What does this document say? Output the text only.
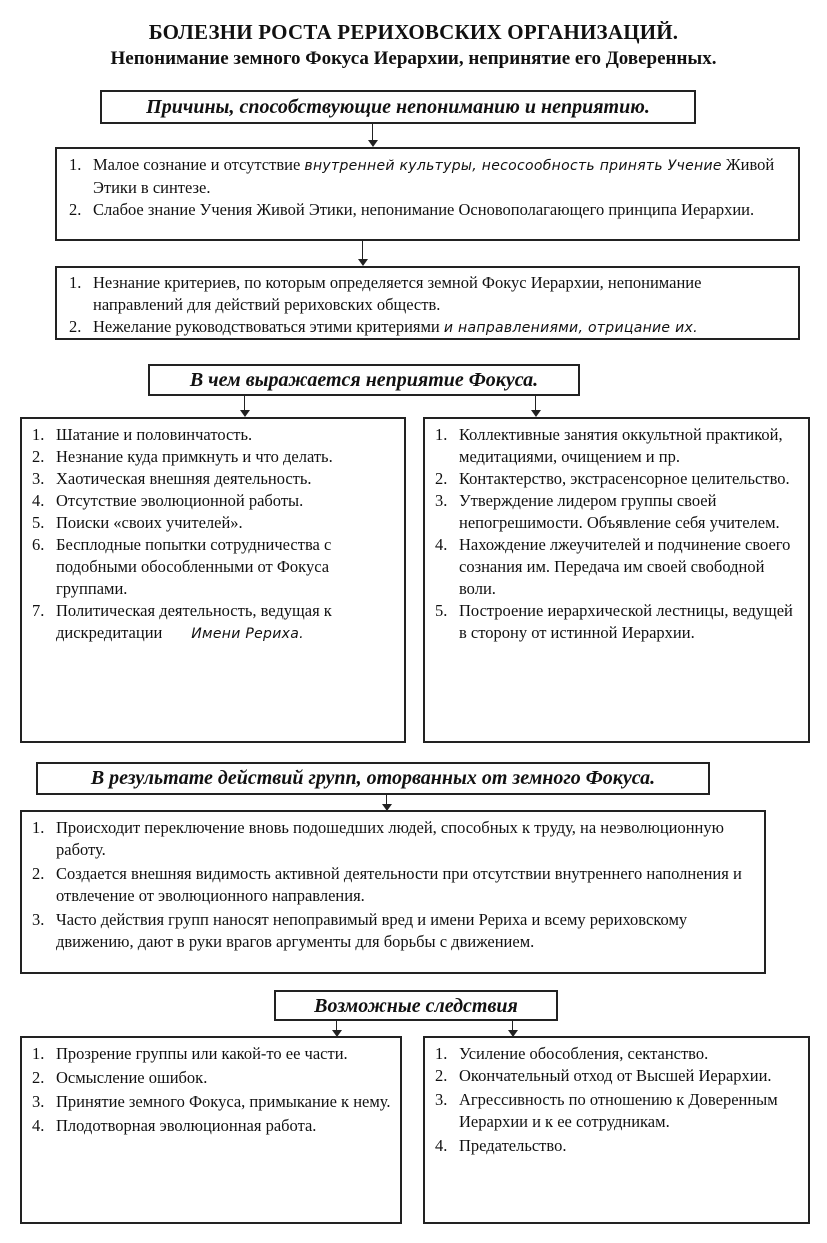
БОЛЕЗНИ РОСТА РЕРИХОВСКИХ ОРГАНИЗАЦИЙ.
Непонимание земного Фокуса Иерархии, непринятие его Доверенных.
Причины, способствующие непониманию и неприятию.
1. Малое сознание и отсутствие внутренней культуры, несосообность принять Учение Живой Этики в синтезе.
2. Слабое знание Учения Живой Этики, непонимание Основополагающего принципа Иерархии.
1. Незнание критериев, по которым определяется земной Фокус Иерархии, непонимание направлений для действий рериховских обществ.
2. Нежелание руководствоваться этими критериями и направлениями, отрицание их.
В чем выражается неприятие Фокуса.
1. Шатание и половинчатость.
2. Незнание куда примкнуть и что делать.
3. Хаотическая внешняя деятельность.
4. Отсутствие эволюционной работы.
5. Поиски «своих учителей».
6. Бесплодные попытки сотрудничества с подобными обособленными от Фокуса группами.
7. Политическая деятельность, ведущая к дискредитации Имени Рериха.
1. Коллективные занятия оккультной практикой, медитациями, очищением и пр.
2. Контактерство, экстрасенсорное целительство.
3. Утверждение лидером группы своей непогрешимости. Объявление себя учителем.
4. Нахождение лжеучителей и подчинение своего сознания им. Передача им своей свободной воли.
5. Построение иерархической лестницы, ведущей в сторону от истинной Иерархии.
В результате действий групп, оторванных от земного Фокуса.
1. Происходит переключение вновь подошедших людей, способных к труду, на неэволюционную работу.
2. Создается внешняя видимость активной деятельности при отсутствии внутреннего наполнения и отвлечение от эволюционного направления.
3. Часто действия групп наносят непоправимый вред и имени Рериха и всему рериховскому движению, дают в руки врагов аргументы для борьбы с движением.
Возможные следствия
1. Прозрение группы или какой-то ее части.
2. Осмысление ошибок.
3. Принятие земного Фокуса, примыкание к нему.
4. Плодотворная эволюционная работа.
1. Усиление обособления, сектанство.
2. Окончательный отход от Высшей Иерархии.
3. Агрессивность по отношению к Доверенным Иерархии и к ее сотрудникам.
4. Предательство.
